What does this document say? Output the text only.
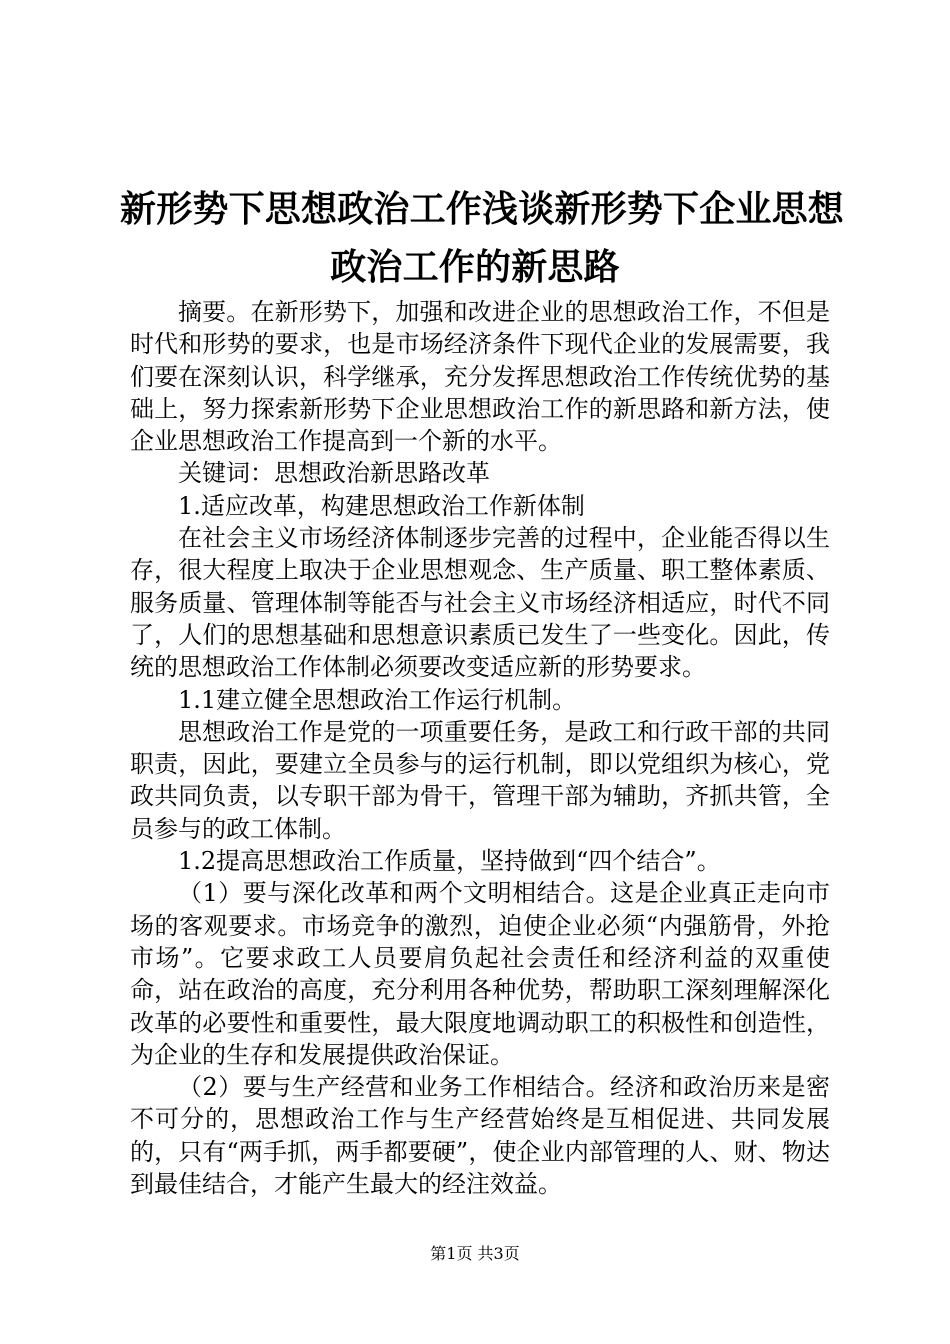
新形势下思想政治工作浅谈新形势下企业思想
政治工作的新思路

摘要。在新形势下，加强和改进企业的思想政治工作，不但是时代和形势的要求，也是市场经济条件下现代企业的发展需要，我们要在深刻认识，科学继承，充分发挥思想政治工作传统优势的基础上，努力探索新形势下企业思想政治工作的新思路和新方法，使企业思想政治工作提高到一个新的水平。

关键词：思想政治新思路改革

1.适应改革，构建思想政治工作新体制

在社会主义市场经济体制逐步完善的过程中，企业能否得以生存，很大程度上取决于企业思想观念、生产质量、职工整体素质、服务质量、管理体制等能否与社会主义市场经济相适应，时代不同了，人们的思想基础和思想意识素质已发生了一些变化。因此，传统的思想政治工作体制必须要改变适应新的形势要求。

1.1建立健全思想政治工作运行机制。

思想政治工作是党的一项重要任务，是政工和行政干部的共同职责，因此，要建立全员参与的运行机制，即以党组织为核心，党政共同负责，以专职干部为骨干，管理干部为辅助，齐抓共管，全员参与的政工体制。

1.2提高思想政治工作质量，坚持做到“四个结合”。

（1）要与深化改革和两个文明相结合。这是企业真正走向市场的客观要求。市场竞争的激烈，迫使企业必须“内强筋骨，外抢市场”。它要求政工人员要肩负起社会责任和经济利益的双重使命，站在政治的高度，充分利用各种优势，帮助职工深刻理解深化改革的必要性和重要性，最大限度地调动职工的积极性和创造性，为企业的生存和发展提供政治保证。

（2）要与生产经营和业务工作相结合。经济和政治历来是密不可分的，思想政治工作与生产经营始终是互相促进、共同发展的，只有“两手抓，两手都要硬”，使企业内部管理的人、财、物达到最佳结合，才能产生最大的经注效益。

第1页 共3页
